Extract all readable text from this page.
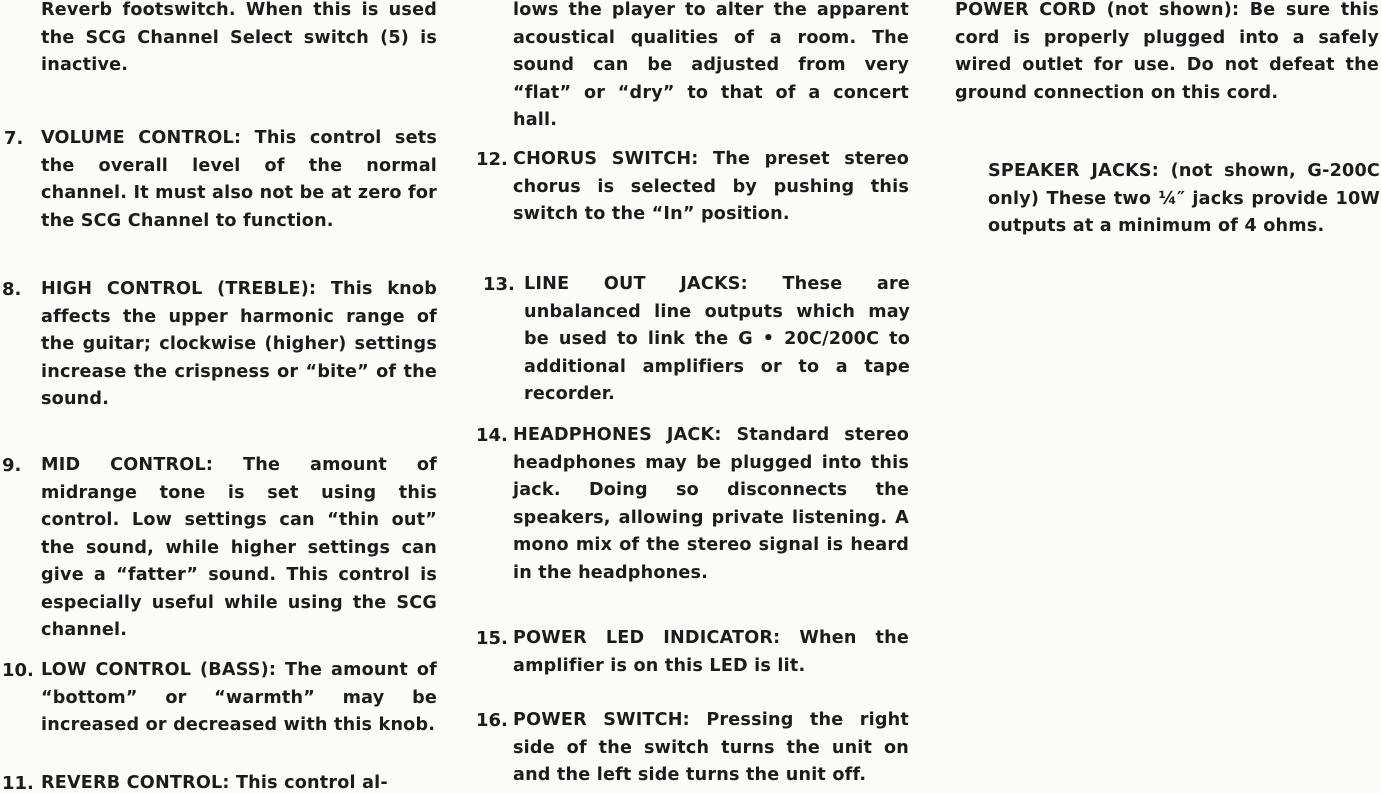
Reverb footswitch. When this is used the SCG Channel Select switch (5) is inactive.

7. VOLUME CONTROL: This control sets the overall level of the normal channel. It must also not be at zero for the SCG Channel to function.

8. HIGH CONTROL (TREBLE): This knob affects the upper harmonic range of the guitar; clockwise (higher) settings increase the crispness or “bite” of the sound.

9. MID CONTROL: The amount of midrange tone is set using this control. Low settings can “thin out” the sound, while higher settings can give a “fatter” sound. This control is especially useful while using the SCG channel.

10. LOW CONTROL (BASS): The amount of “bottom” or “warmth” may be increased or decreased with this knob.

11. REVERB CONTROL: This control al-

lows the player to alter the apparent acoustical qualities of a room. The sound can be adjusted from very “flat” or “dry” to that of a concert hall.

12. CHORUS SWITCH: The preset stereo chorus is selected by pushing this switch to the “In” position.

13. LINE OUT JACKS: These are unbalanced line outputs which may be used to link the G • 20C/200C to additional amplifiers or to a tape recorder.

14. HEADPHONES JACK: Standard stereo headphones may be plugged into this jack. Doing so disconnects the speakers, allowing private listening. A mono mix of the stereo signal is heard in the headphones.

15. POWER LED INDICATOR: When the amplifier is on this LED is lit.

16. POWER SWITCH: Pressing the right side of the switch turns the unit on and the left side turns the unit off.

POWER CORD (not shown): Be sure this cord is properly plugged into a safely wired outlet for use. Do not defeat the ground connection on this cord.

SPEAKER JACKS: (not shown, G-200C only) These two ¼″ jacks provide 10W outputs at a minimum of 4 ohms.
